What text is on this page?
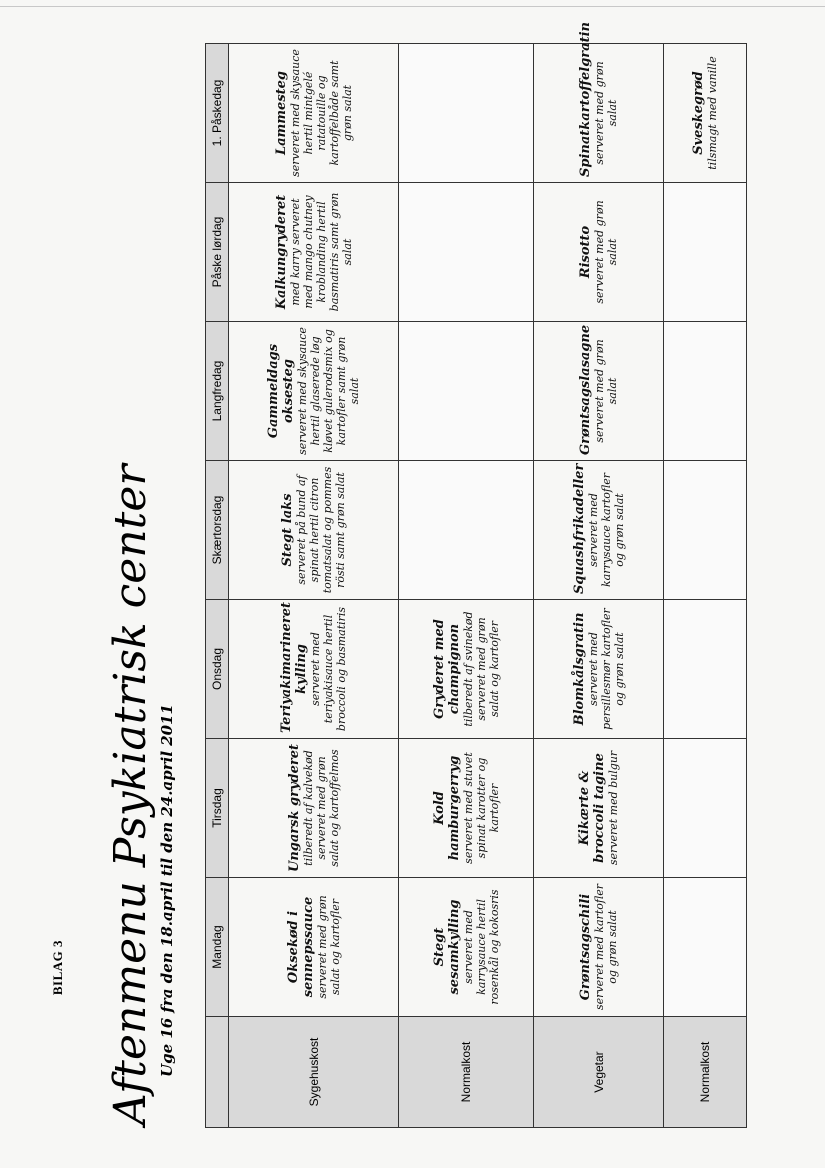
BILAG 3 Aftenmenu Psykiatrisk center Uge 16 fra den 18.april til den 24.april 2011
		Mandag	Tirsdag	Onsdag	Skærtorsdag	Langfredag	Påske lørdag	1. Påskedag
Sygehuskost	Oksekød i sennepssauce serveret med grøn salat og kartofler	Ungarsk gryderet tilberedt af kalvekød serveret med grøn salat og kartoffelmos	Teriyakimarineret kylling serveret med teriyakisauce hertil broccoli og basmatiris	Stegt laks serveret på bund af spinat hertil citron tomatsalat og pommes rösti samt grøn salat	Gammeldags oksesteg serveret med skysauce hertil glaserede løg kløvet gulerodsmix og kartofler samt grøn salat	Kalkungryderet med karry serveret med mango chutney kroblanding hertil basmatiris samt grøn salat	Lammesteg serveret med skysauce hertil mintgelé ratatouille og kartoffelbåde samt grøn salat

Normalkost	Stegt sesamkylling serveret med karrysauce hertil rosenkål og kokosris	Kold hamburgerryg serveret med stuvet spinat karotter og kartofler	Gryderet med champignon tilberedt af svinekød serveret med grøn salat og kartofler				

Vegetar	Grøntsagschili serveret med kartofler og grøn salat	Kikærte & broccoli tagine serveret med bulgur	Blomkålsgratin serveret med persillesmør kartofler og grøn salat	Squashfrikadeller serveret med karrysauce kartofler og grøn salat	Grøntsagslasagne serveret med grøn salat	Risotto serveret med grøn salat	Spinatkartoffelgratin serveret med grøn salat

Normalkost							Sveskegrød tilsmagt med vanille
